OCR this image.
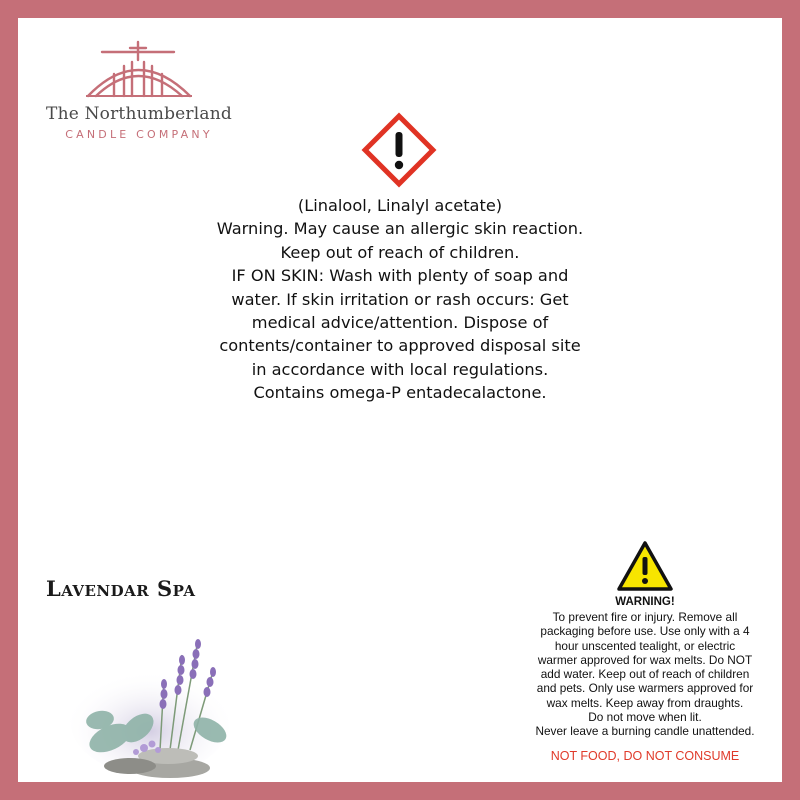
The Northumberland
CANDLE COMPANY
(Linalool, Linalyl acetate)
Warning. May cause an allergic skin reaction.
Keep out of reach of children.
IF ON SKIN: Wash with plenty of soap and
water. If skin irritation or rash occurs: Get
medical advice/attention. Dispose of
contents/container to approved disposal site
in accordance with local regulations.
Contains omega-P entadecalactone.
Lavendar Spa
WARNING!
To prevent fire or injury. Remove all
packaging before use. Use only with a 4
hour unscented tealight, or electric
warmer approved for wax melts. Do NOT
add water. Keep out of reach of children
and pets. Only use warmers approved for
wax melts. Keep away from draughts.
Do not move when lit.
Never leave a burning candle unattended.
NOT FOOD, DO NOT CONSUME
